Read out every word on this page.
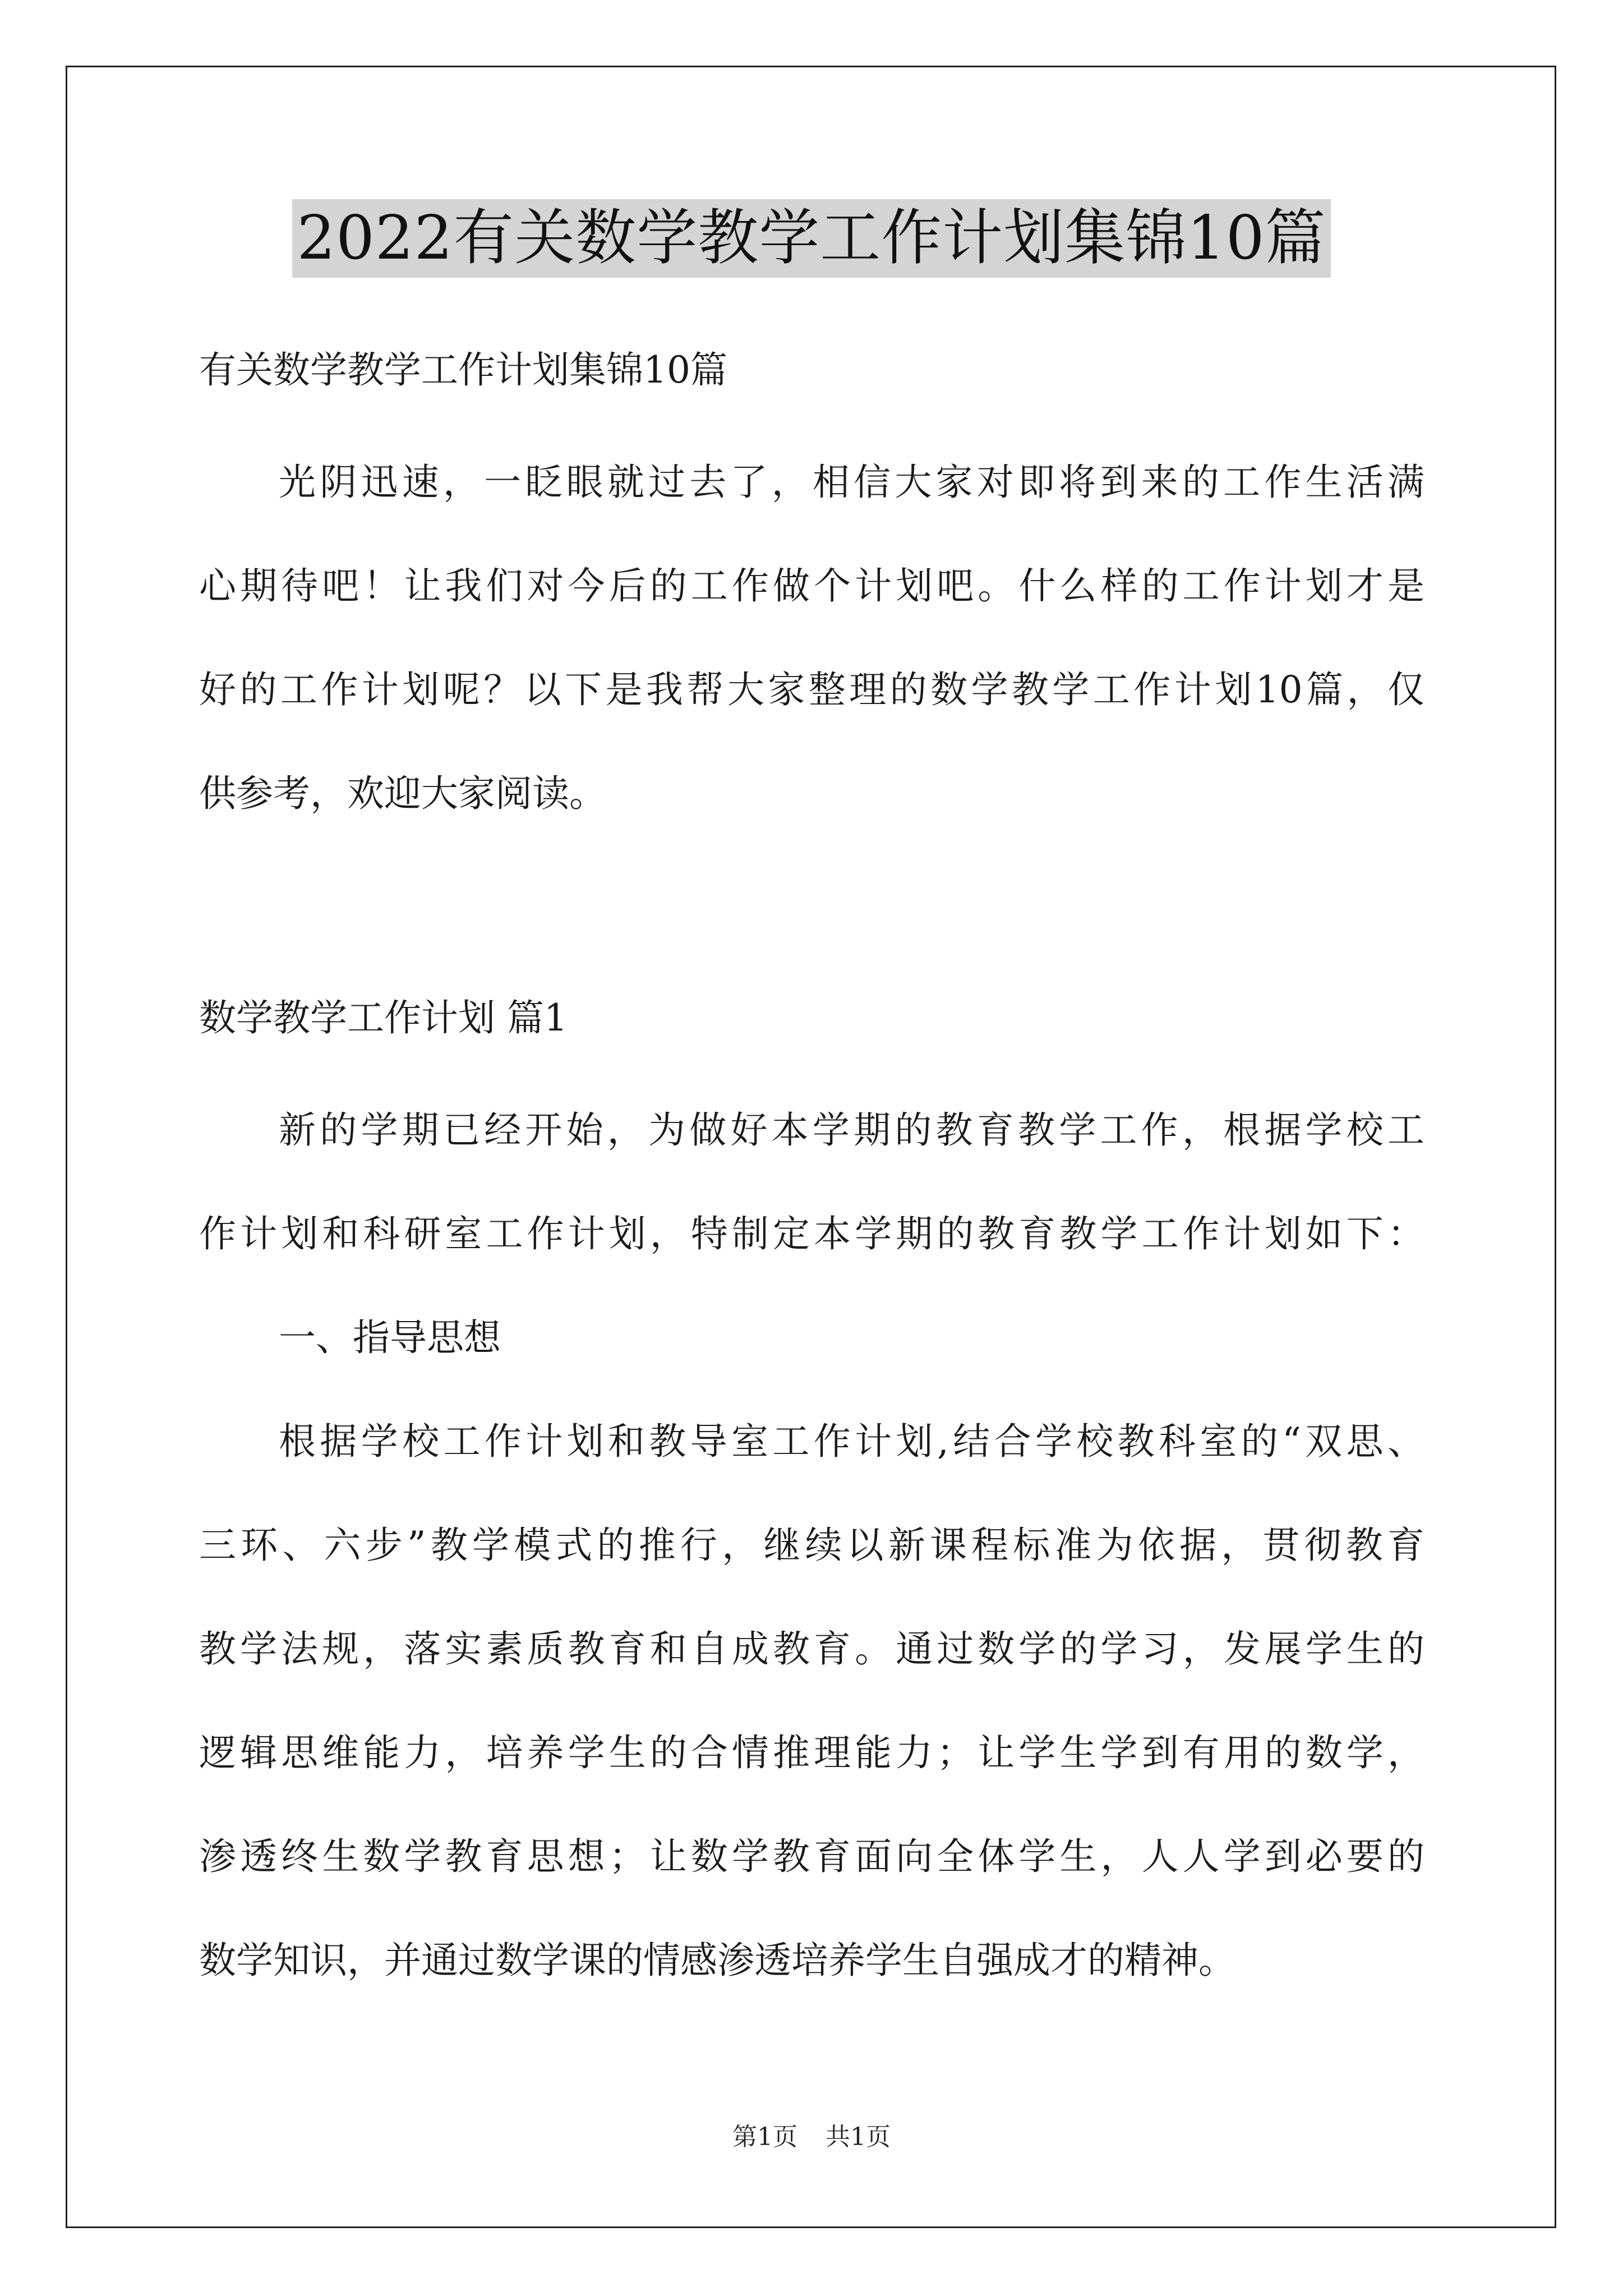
2022有关数学教学工作计划集锦10篇
有关数学教学工作计划集锦10篇
光阴迅速，一眨眼就过去了，相信大家对即将到来的工作生活满
心期待吧！让我们对今后的工作做个计划吧。什么样的工作计划才是
好的工作计划呢？以下是我帮大家整理的数学教学工作计划10篇，仅
供参考，欢迎大家阅读。
数学教学工作计划 篇1
新的学期已经开始，为做好本学期的教育教学工作，根据学校工
作计划和科研室工作计划，特制定本学期的教育教学工作计划如下：
一、指导思想
根据学校工作计划和教导室工作计划,结合学校教科室的“双思、
三环、六步”教学模式的推行，继续以新课程标准为依据，贯彻教育
教学法规，落实素质教育和自成教育。通过数学的学习，发展学生的
逻辑思维能力，培养学生的合情推理能力；让学生学到有用的数学，
渗透终生数学教育思想；让数学教育面向全体学生，人人学到必要的
数学知识，并通过数学课的情感渗透培养学生自强成才的精神。
第1页 共1页
